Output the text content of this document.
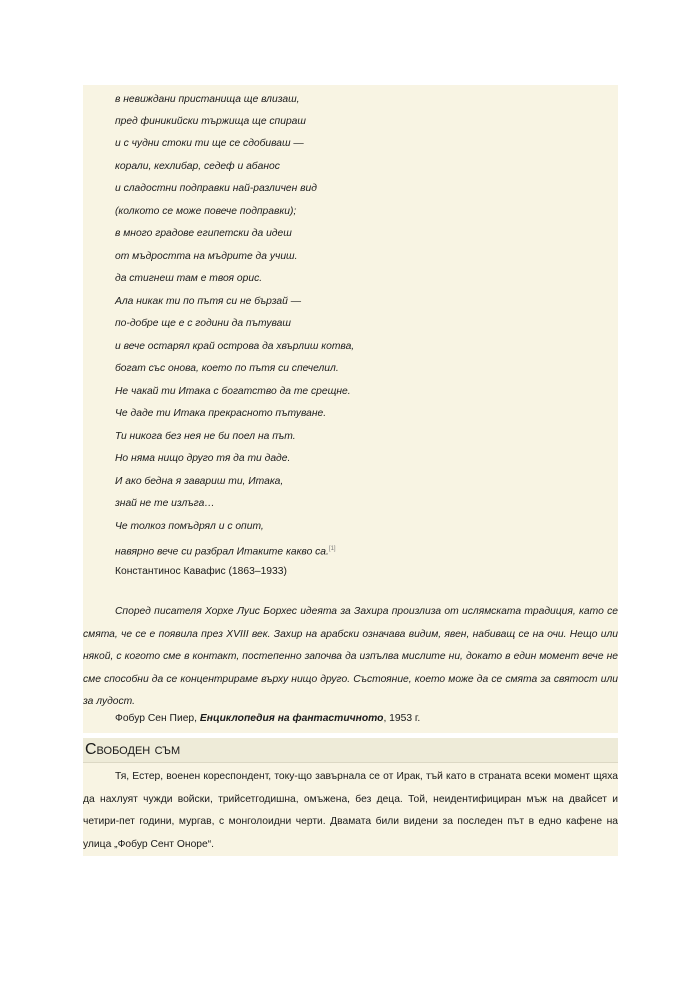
в невиждани пристанища ще влизаш,
пред финикийски тържища ще спираш
и с чудни стоки ти ще се сдобиваш —
корали, кехлибар, седеф и абанос
и сладостни подправки най-различен вид
(колкото се може повече подправки);
в много градове египетски да идеш
от мъдростта на мъдрите да учиш.
да стигнеш там е твоя орис.
Ала никак ти по пътя си не бързай —
по-добре ще е с години да пътуваш
и вече остарял край острова да хвърлиш котва,
богат със онова, което по пътя си спечелил.
Не чакай ти Итака с богатство да те срещне.
Че даде ти Итака прекрасното пътуване.
Ти никога без нея не би поел на път.
Но няма нищо друго тя да ти даде.
И ако бедна я завариш ти, Итака,
знай не те излъга…
Че толкоз помъдрял и с опит,
навярно вече си разбрал Итаките какво са.[1]
Константинос Кавафис (1863–1933)
Според писателя Хорхе Луис Борхес идеята за Захира произлиза от ислямската традиция, като се смята, че се е появила през XVIII век. Захир на арабски означава видим, явен, набиващ се на очи. Нещо или някой, с когото сме в контакт, постепенно започва да изпълва мислите ни, докато в един момент вече не сме способни да се концентрираме върху нищо друго. Състояние, което може да се смята за святост или за лудост.
Фобур Сен Пиер, Енциклопедия на фантастичното, 1953 г.
Свободен съм
Тя, Естер, военен кореспондент, току-що завърнала се от Ирак, тъй като в страната всеки момент щяха да нахлуят чужди войски, трийсетгодишна, омъжена, без деца. Той, неидентифициран мъж на двайсет и четири-пет години, мургав, с монголоидни черти. Двамата били видени за последен път в едно кафене на улица „Фобур Сент Оноре“.
